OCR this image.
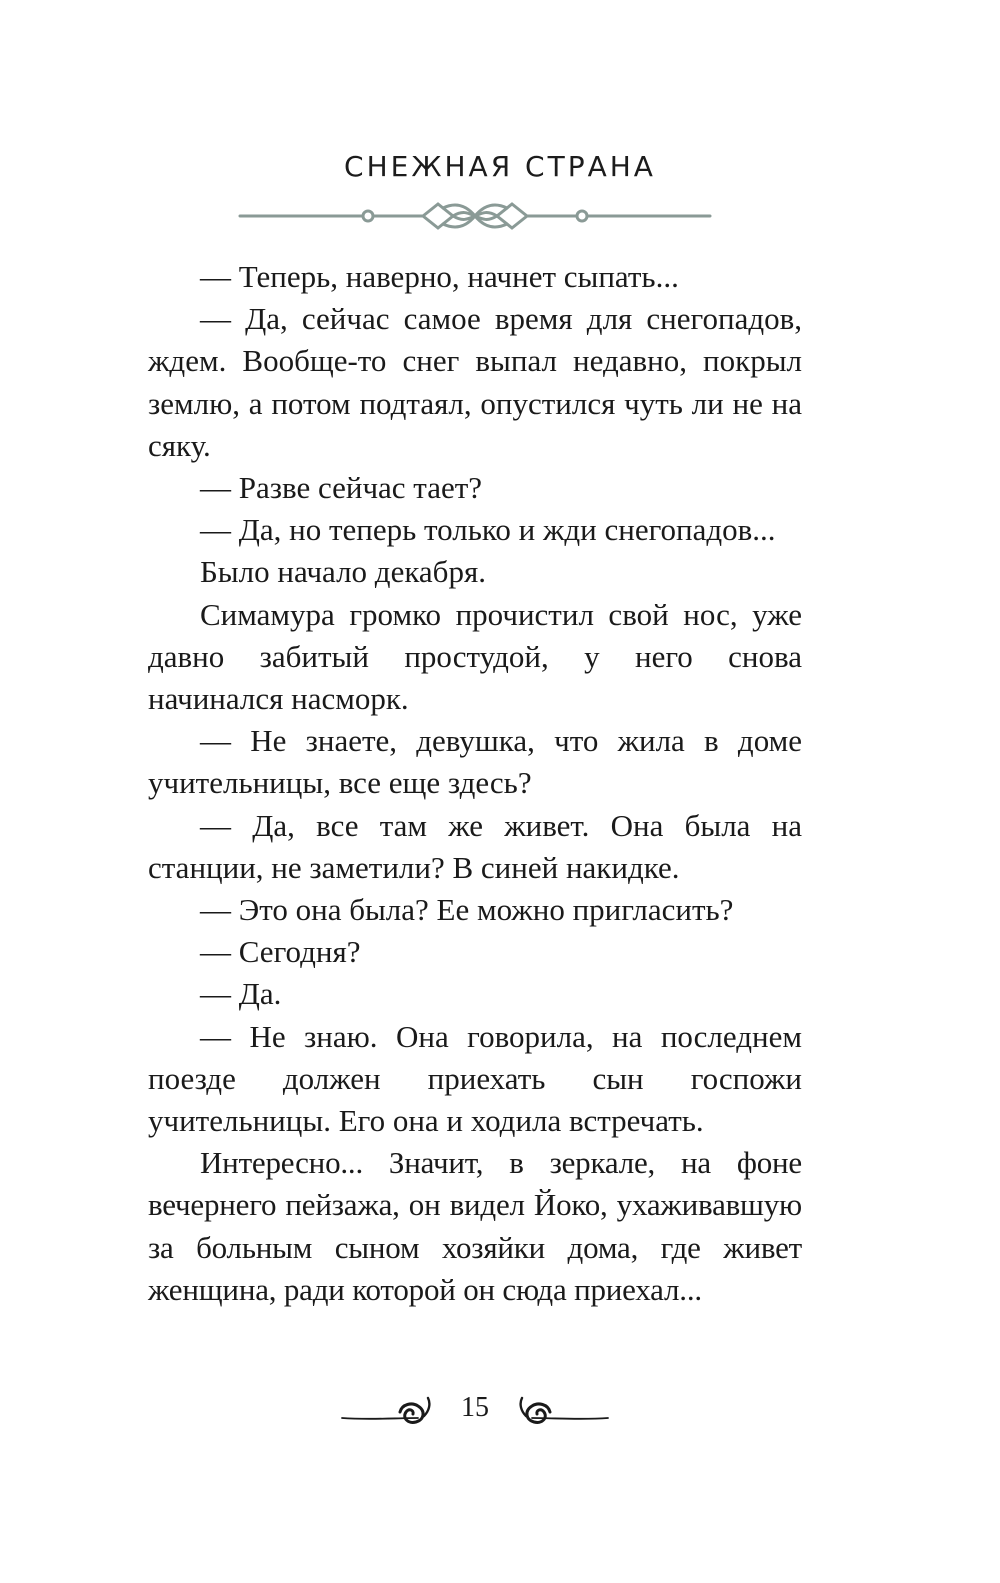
СНЕЖНАЯ СТРАНА

— Теперь, наверно, начнет сыпать...

— Да, сейчас самое время для снегопадов, ждем. Вообще-то снег выпал недавно, покрыл землю, а потом подтаял, опустился чуть ли не на сяку.

— Разве сейчас тает?

— Да, но теперь только и жди снегопадов...

Было начало декабря.

Симамура громко прочистил свой нос, уже давно забитый простудой, у него снова начинался насморк.

— Не знаете, девушка, что жила в доме учительницы, все еще здесь?

— Да, все там же живет. Она была на станции, не заметили? В синей накидке.

— Это она была? Ее можно пригласить?

— Сегодня?

— Да.

— Не знаю. Она говорила, на последнем поезде должен приехать сын госпожи учительницы. Его она и ходила встречать.

Интересно... Значит, в зеркале, на фоне вечернего пейзажа, он видел Йоко, ухаживавшую за больным сыном хозяйки дома, где живет женщина, ради которой он сюда приехал...

15
